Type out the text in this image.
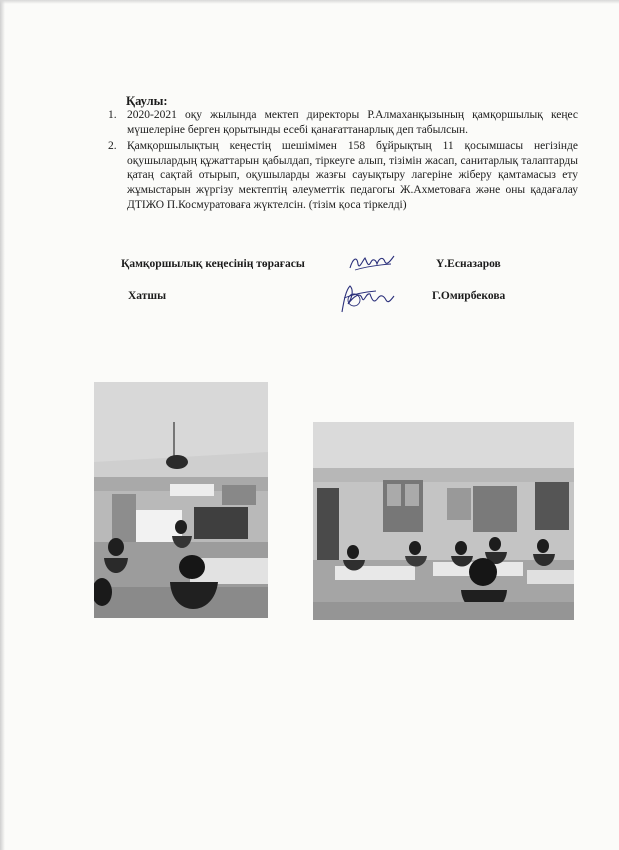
Қаулы:
1. 2020-2021 оқу жылында мектеп директоры Р.Алмаханқызының қамқоршылық кеңес мүшелеріне берген қорытынды есебі қанағаттанарлық деп табылсын.
2. Қамқоршылықтың кеңестің шешімімен 158 бұйрықтың 11 қосымшасы негізінде оқушылардың құжаттарын қабылдап, тіркеуге алып, тізімін жасап, санитарлық талаптарды қатаң сақтай отырып, оқушыларды жазғы сауықтыру лагеріне жіберу қамтамасыз ету жұмыстарын жүргізу мектептің әлеуметтік педагогы Ж.Ахметоваға және оны қадағалау ДТІЖО П.Космуратоваға жүктелсін. (тізім қоса тіркелді)
Қамқоршылық кеңесінің төрағасы	Ү.Есназаров
Хатшы	Г.Омирбекова
